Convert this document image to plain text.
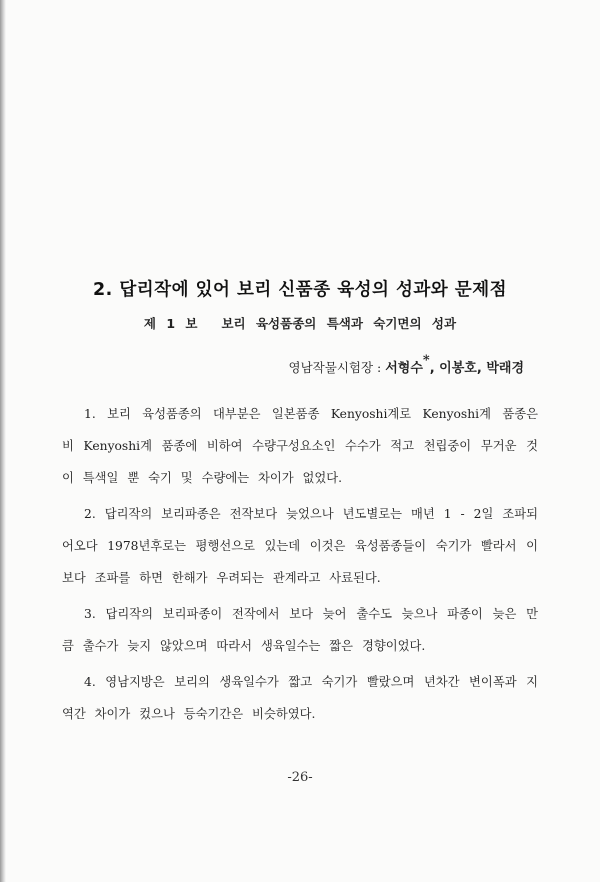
2. 답리작에 있어 보리 신품종 육성의 성과와 문제점
제 1 보 보리 육성품종의 특색과 숙기면의 성과
영남작물시험장 : 서형수*, 이봉호, 박래경

1. 보리 육성품종의 대부분은 일본품종 Kenyoshi계로 Kenyoshi계 품종은 비 Kenyoshi계 품종에 비하여 수량구성요소인 수수가 적고 천립중이 무거운 것이 특색일 뿐 숙기 및 수량에는 차이가 없었다.

2. 답리작의 보리파종은 전작보다 늦었으나 년도별로는 매년 1 - 2일 조파되어오다 1978년후로는 평행선으로 있는데 이것은 육성품종들이 숙기가 빨라서 이보다 조파를 하면 한해가 우려되는 관계라고 사료된다.

3. 답리작의 보리파종이 전작에서 보다 늦어 출수도 늦으나 파종이 늦은 만큼 출수가 늦지 않았으며 따라서 생육일수는 짧은 경향이었다.

4. 영남지방은 보리의 생육일수가 짧고 숙기가 빨랐으며 년차간 변이폭과 지역간 차이가 컸으나 등숙기간은 비슷하였다.

-26-
